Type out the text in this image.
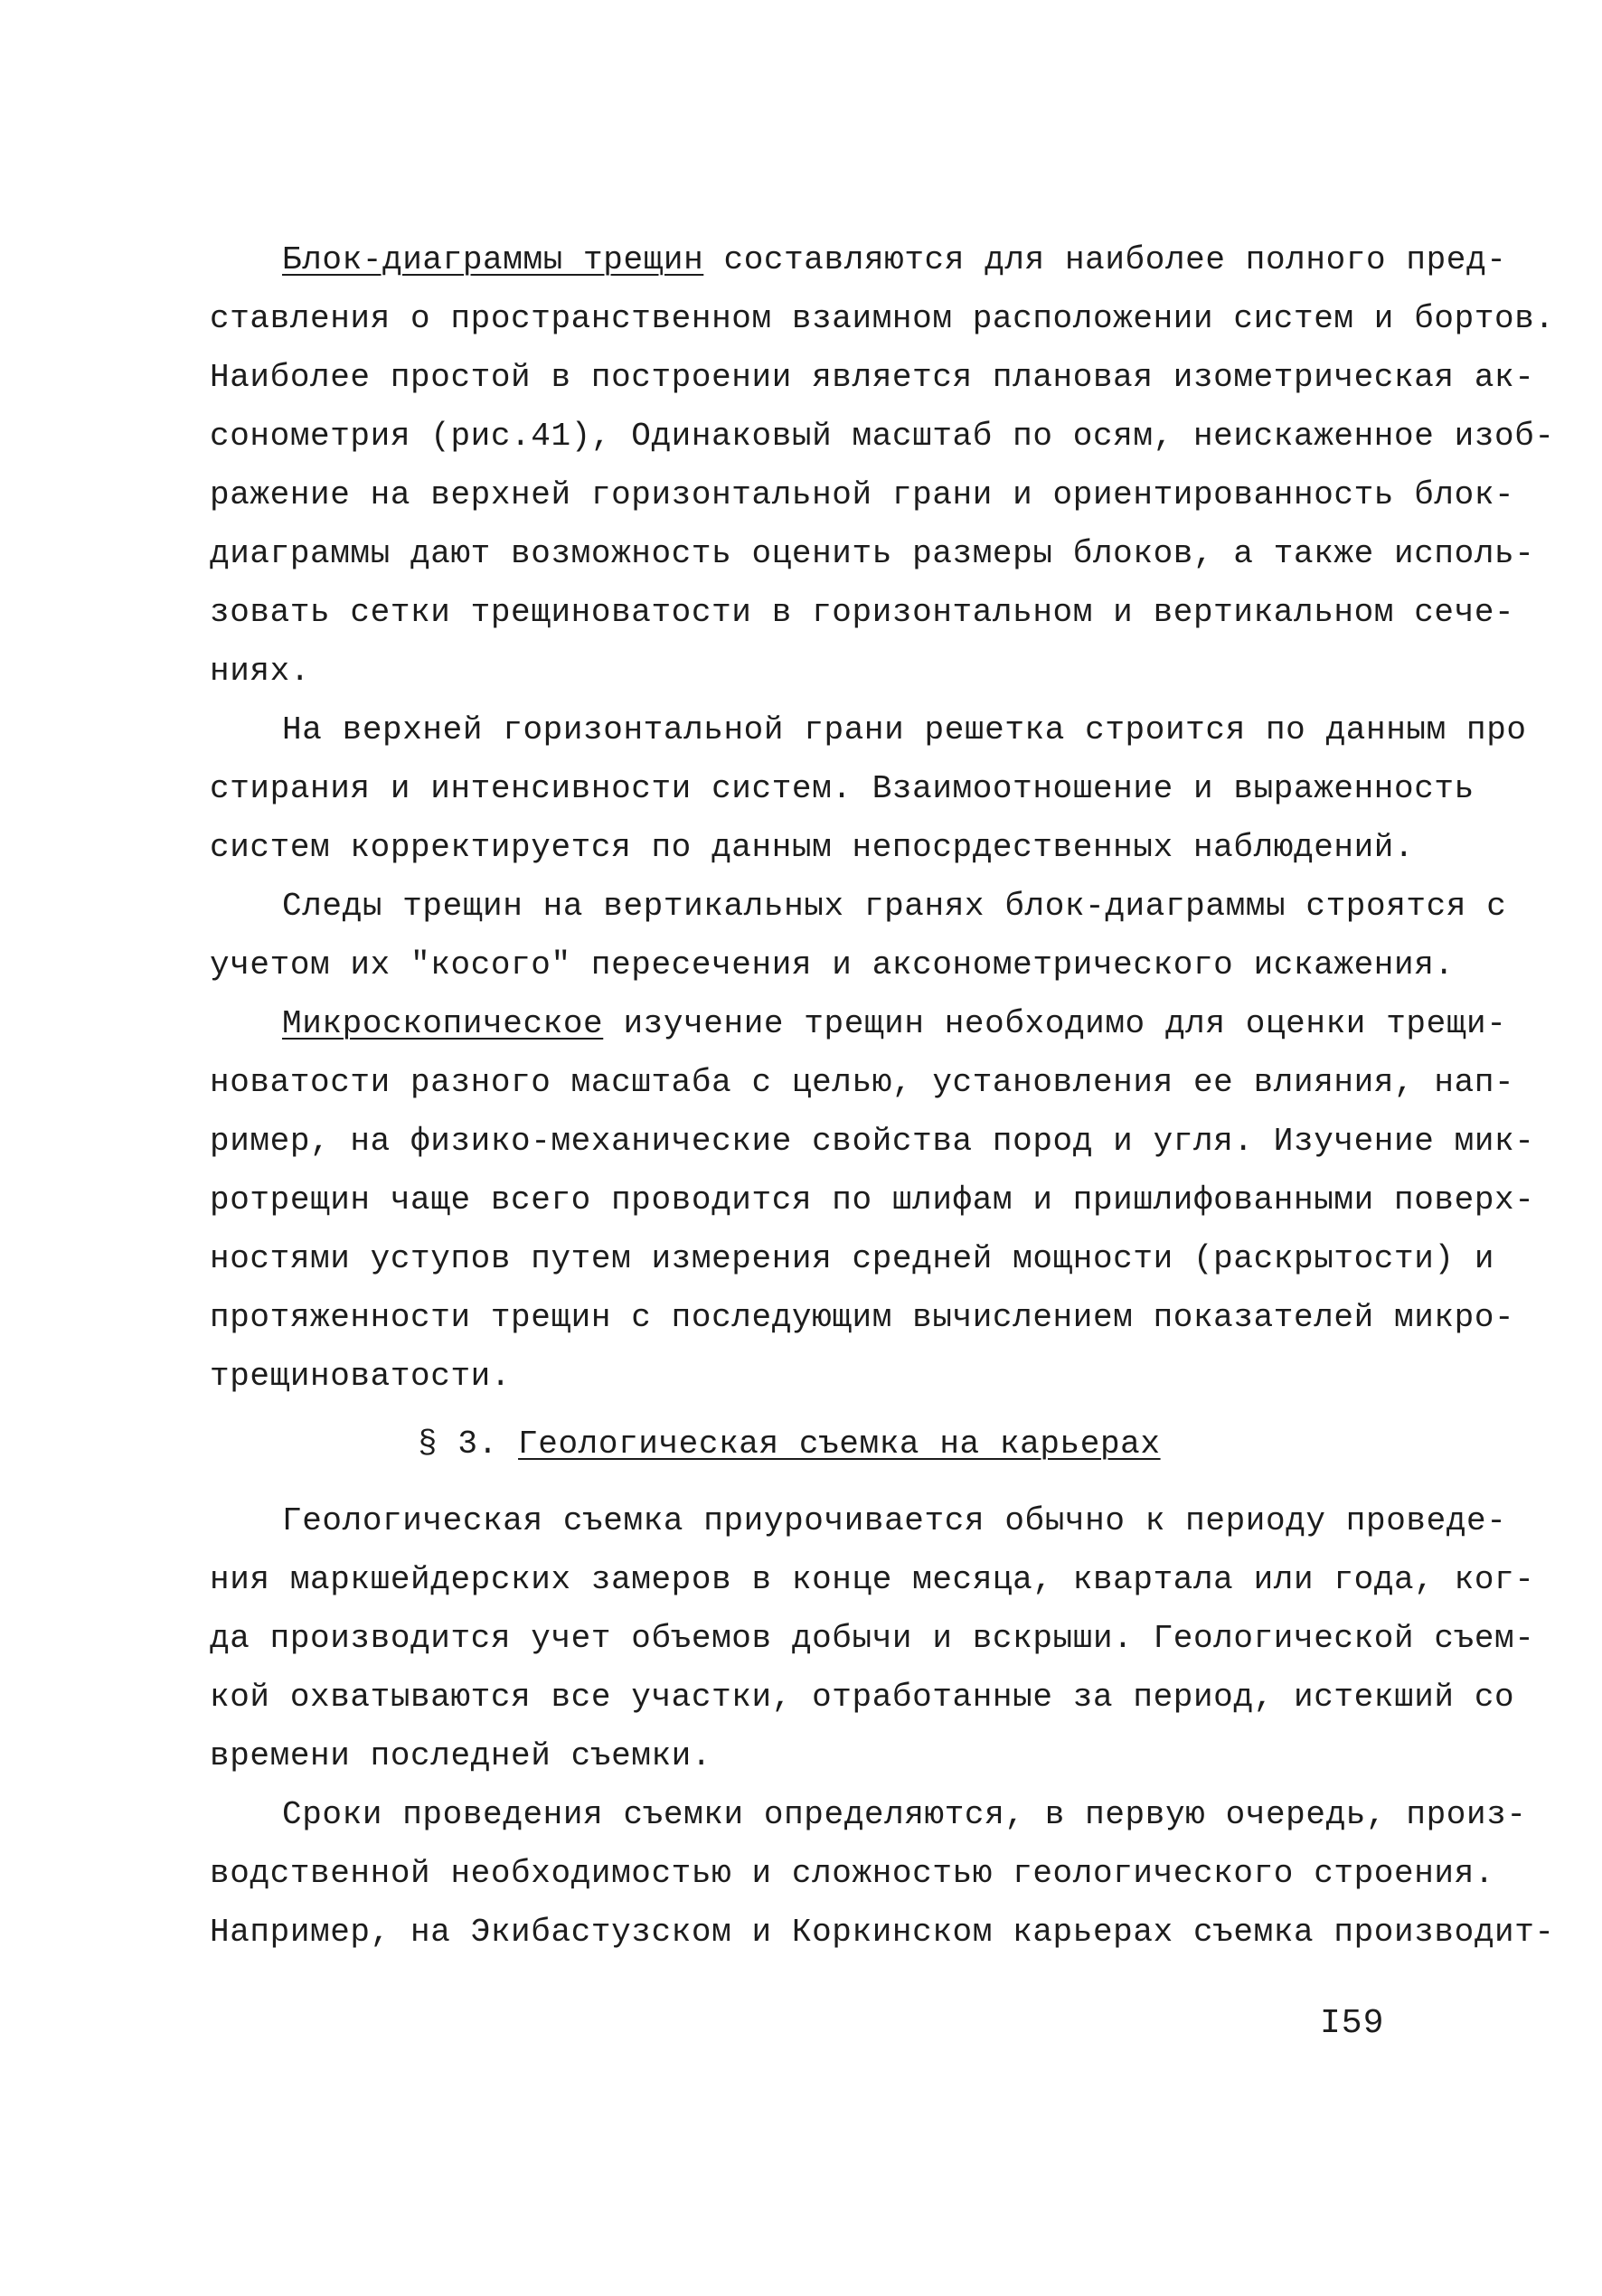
Блок-диаграммы трещин составляются для наиболее полного пред-
ставления о пространственном взаимном расположении систем и бортов.
Наиболее простой в построении является плановая изометрическая ак-
сонометрия (рис.41), Одинаковый масштаб по осям, неискаженное изоб-
ражение на верхней горизонтальной грани и ориентированность блок-
диаграммы дают возможность оценить размеры блоков, а также исполь-
зовать сетки трещиноватости в горизонтальном и вертикальном сече-
ниях.
На верхней горизонтальной грани решетка строится по данным про
стирания и интенсивности систем. Взаимоотношение и выраженность
систем корректируется по данным непосрдественных наблюдений.
Следы трещин на вертикальных гранях блок-диаграммы строятся с
учетом их "косого" пересечения и аксонометрического искажения.
Микроскопическое изучение трещин необходимо для оценки трещи-
новатости разного масштаба с целью, установления ее влияния, нап-
ример, на физико-механические свойства пород и угля. Изучение мик-
ротрещин чаще всего проводится по шлифам и пришлифованными поверх-
ностями уступов путем измерения средней мощности (раскрытости) и
протяженности трещин с последующим вычислением показателей микро-
трещиноватости.
§ 3. Геологическая съемка на карьерах
Геологическая съемка приурочивается обычно к периоду проведе-
ния маркшейдерских замеров в конце месяца, квартала или года, ког-
да производится учет объемов добычи и вскрыши. Геологической съем-
кой охватываются все участки, отработанные за период, истекший со
времени последней съемки.
Сроки проведения съемки определяются, в первую очередь, произ-
водственной необходимостью и сложностью геологического строения.
Например, на Экибастузском и Коркинском карьерах съемка производит-
I59
